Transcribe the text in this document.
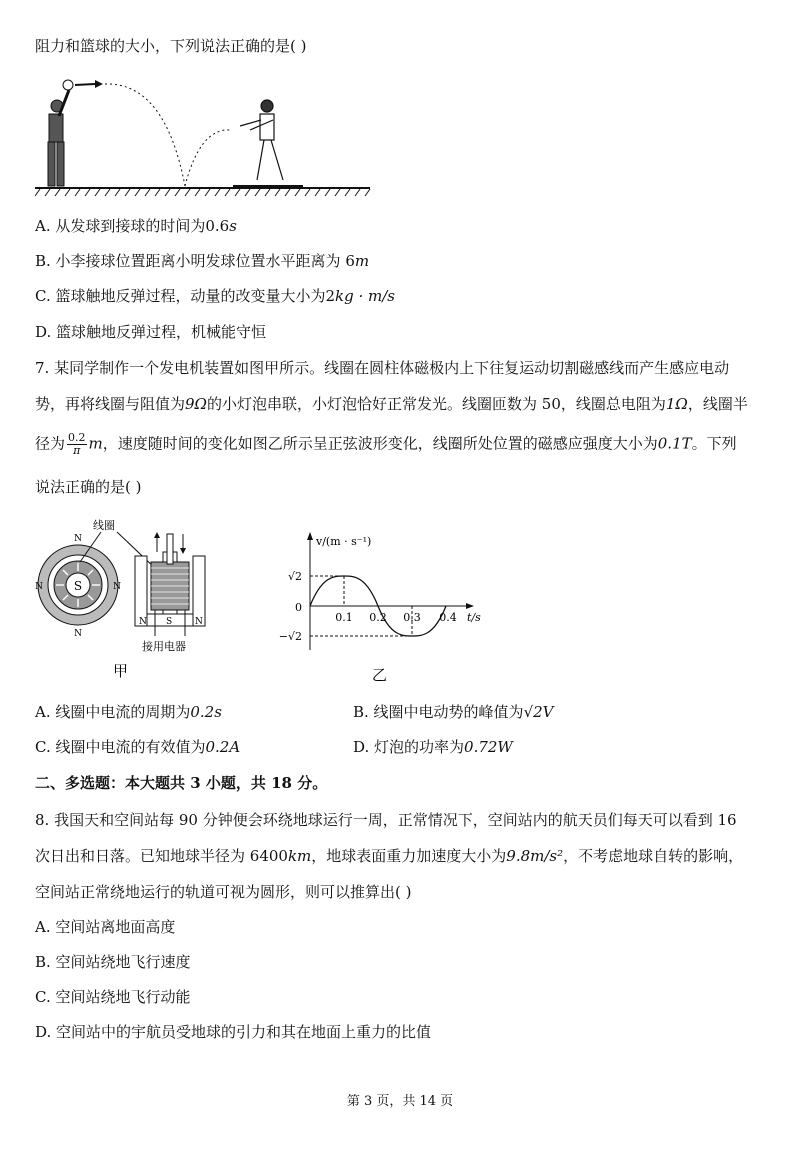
阻力和篮球的大小，下列说法正确的是( )
A. 从发球到接球的时间为0.6s
B. 小李接球位置距离小明发球位置水平距离为 6m
C. 篮球触地反弹过程，动量的改变量大小为2kg · m/s
D. 篮球触地反弹过程，机械能守恒
7. 某同学制作一个发电机装置如图甲所示。线圈在圆柱体磁极内上下往复运动切割磁感线而产生感应电动
势，再将线圈与阻值为9Ω的小灯泡串联，小灯泡恰好正常发光。线圈匝数为 50，线圈总电阻为1Ω，线圈半
径为 $\frac{0.2}{\pi}$ m，速度随时间的变化如图乙所示呈正弦波形变化，线圈所处位置的磁感应强度大小为0.1T。下列
说法正确的是( )
S
N
N
N	N
线圈
N S	N
接用电器
甲
v/(m · s⁻¹)
t/s
0
√2
−√2
0.1 0.2 0.3 0.4
乙
A. 线圈中电流的周期为0.2s	B. 线圈中电动势的峰值为√2V
C. 线圈中电流的有效值为0.2A	D. 灯泡的功率为0.72W
二、多选题：本大题共 3 小题，共 18 分。
8. 我国天和空间站每 90 分钟便会环绕地球运行一周，正常情况下，空间站内的航天员们每天可以看到 16
次日出和日落。已知地球半径为 6400km，地球表面重力加速度大小为9.8m/s²，不考虑地球自转的影响，
空间站正常绕地运行的轨道可视为圆形，则可以推算出( )
A. 空间站离地面高度
B. 空间站绕地飞行速度
C. 空间站绕地飞行动能
D. 空间站中的宇航员受地球的引力和其在地面上重力的比值
第 3 页，共 14 页
